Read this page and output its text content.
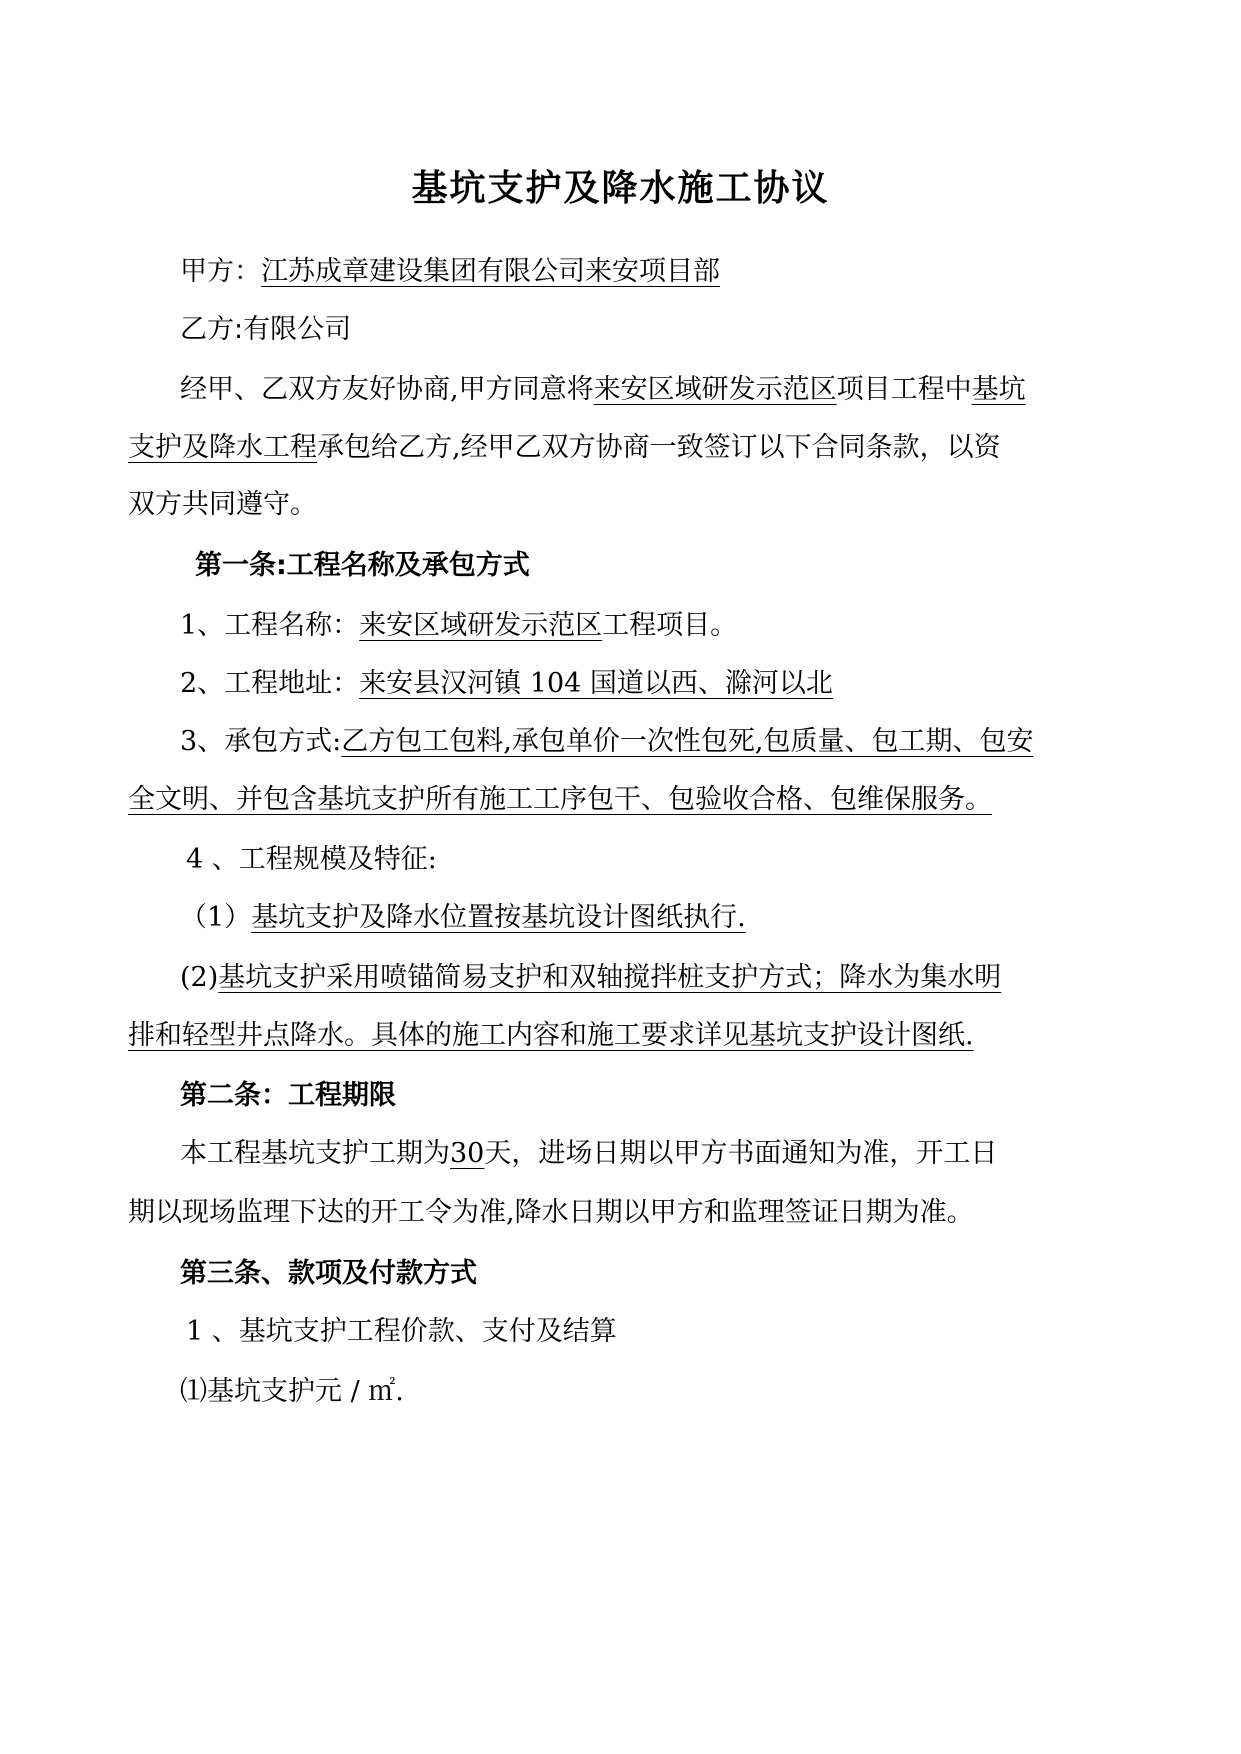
基坑支护及降水施工协议
甲方：江苏成章建设集团有限公司来安项目部
乙方:有限公司
经甲、乙双方友好协商,甲方同意将来安区域研发示范区项目工程中基坑
支护及降水工程承包给乙方,经甲乙双方协商一致签订以下合同条款，以资
双方共同遵守。
第一条:工程名称及承包方式
1、工程名称：来安区域研发示范区工程项目。
2、工程地址：来安县汉河镇 104 国道以西、滁河以北
3、承包方式:乙方包工包料,承包单价一次性包死,包质量、包工期、包安
全文明、并包含基坑支护所有施工工序包干、包验收合格、包维保服务。
4 、工程规模及特征:
（1）基坑支护及降水位置按基坑设计图纸执行.
(2)基坑支护采用喷锚简易支护和双轴搅拌桩支护方式；降水为集水明
排和轻型井点降水。具体的施工内容和施工要求详见基坑支护设计图纸.
第二条：工程期限
本工程基坑支护工期为30天，进场日期以甲方书面通知为准，开工日
期以现场监理下达的开工令为准,降水日期以甲方和监理签证日期为准。
第三条、款项及付款方式
1 、基坑支护工程价款、支付及结算
⑴基坑支护元 / ㎡.
